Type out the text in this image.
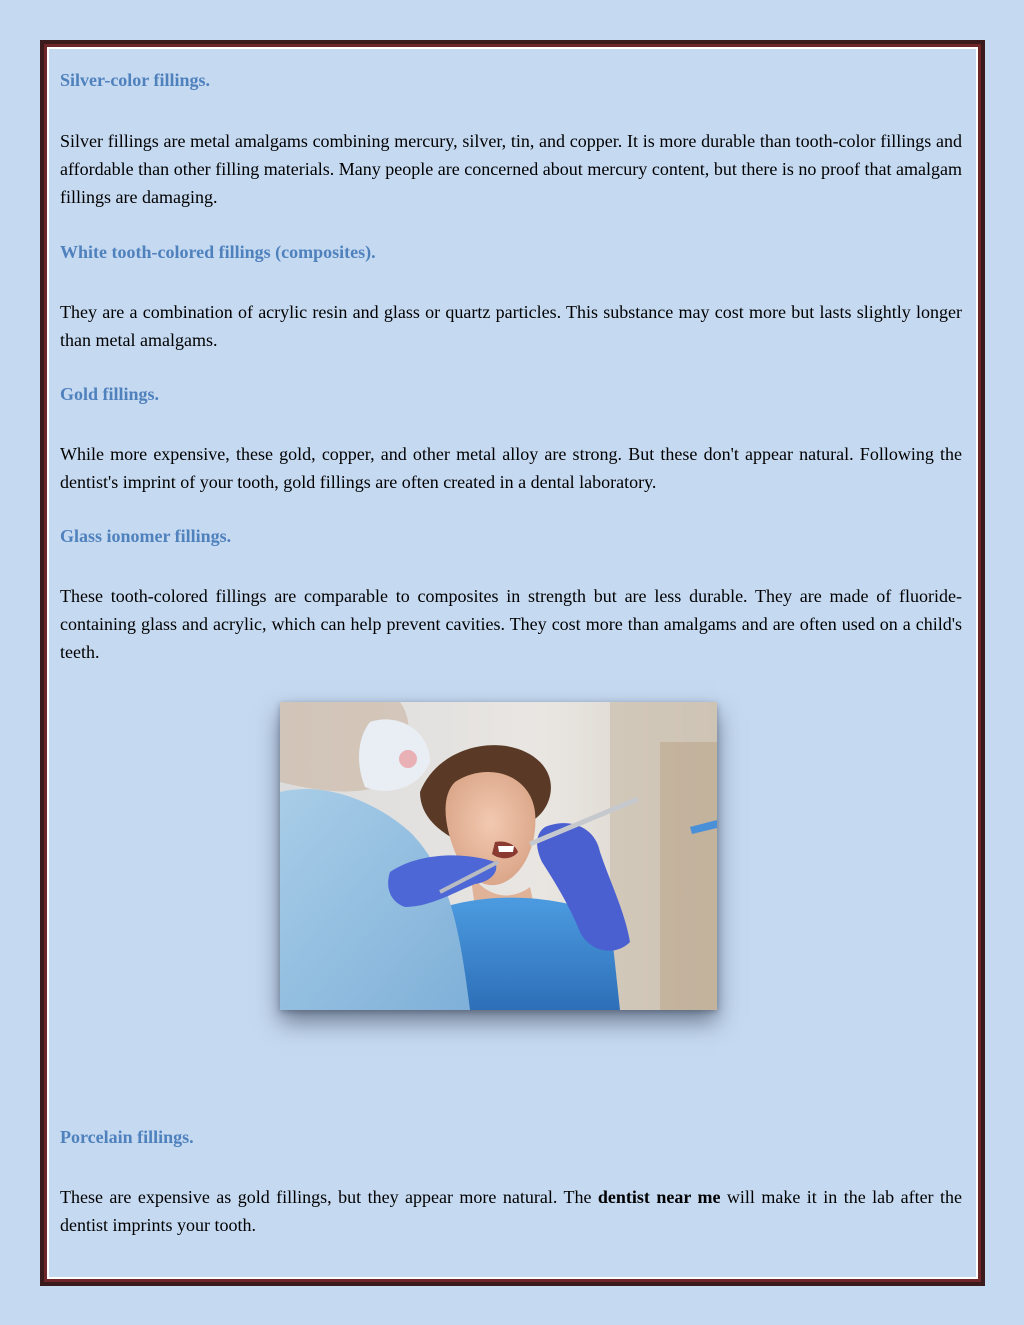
Silver-color fillings.

Silver fillings are metal amalgams combining mercury, silver, tin, and copper. It is more durable than tooth-color fillings and affordable than other filling materials. Many people are concerned about mercury content, but there is no proof that amalgam fillings are damaging.

White tooth-colored fillings (composites).

They are a combination of acrylic resin and glass or quartz particles. This substance may cost more but lasts slightly longer than metal amalgams.

Gold fillings.

While more expensive, these gold, copper, and other metal alloy are strong. But these don't appear natural. Following the dentist's imprint of your tooth, gold fillings are often created in a dental laboratory.

Glass ionomer fillings.

These tooth-colored fillings are comparable to composites in strength but are less durable. They are made of fluoride-containing glass and acrylic, which can help prevent cavities. They cost more than amalgams and are often used on a child's teeth.

Porcelain fillings.

These are expensive as gold fillings, but they appear more natural. The dentist near me will make it in the lab after the dentist imprints your tooth.
